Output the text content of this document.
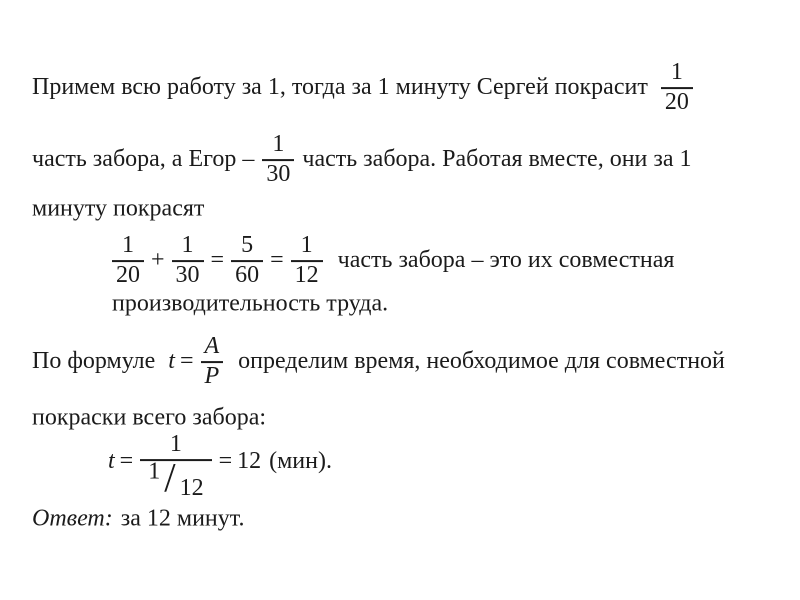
Примем всю работу за 1, тогда за 1 минуту Сергей покрасит $\frac{1}{20}$
часть забора, а Егор – $\frac{1}{30}$ часть забора. Работая вместе, они за 1
минуту покрасят
$\frac{1}{20} + \frac{1}{30} = \frac{5}{60} = \frac{1}{12}$ часть забора – это их совместная
производительность труда.
По формуле $t = \frac{A}{P}$ определим время, необходимое для совместной
покраски всего забора:
$t = \frac{1}{1 / 12} = 12$ (мин).
Ответ: за 12 минут.
